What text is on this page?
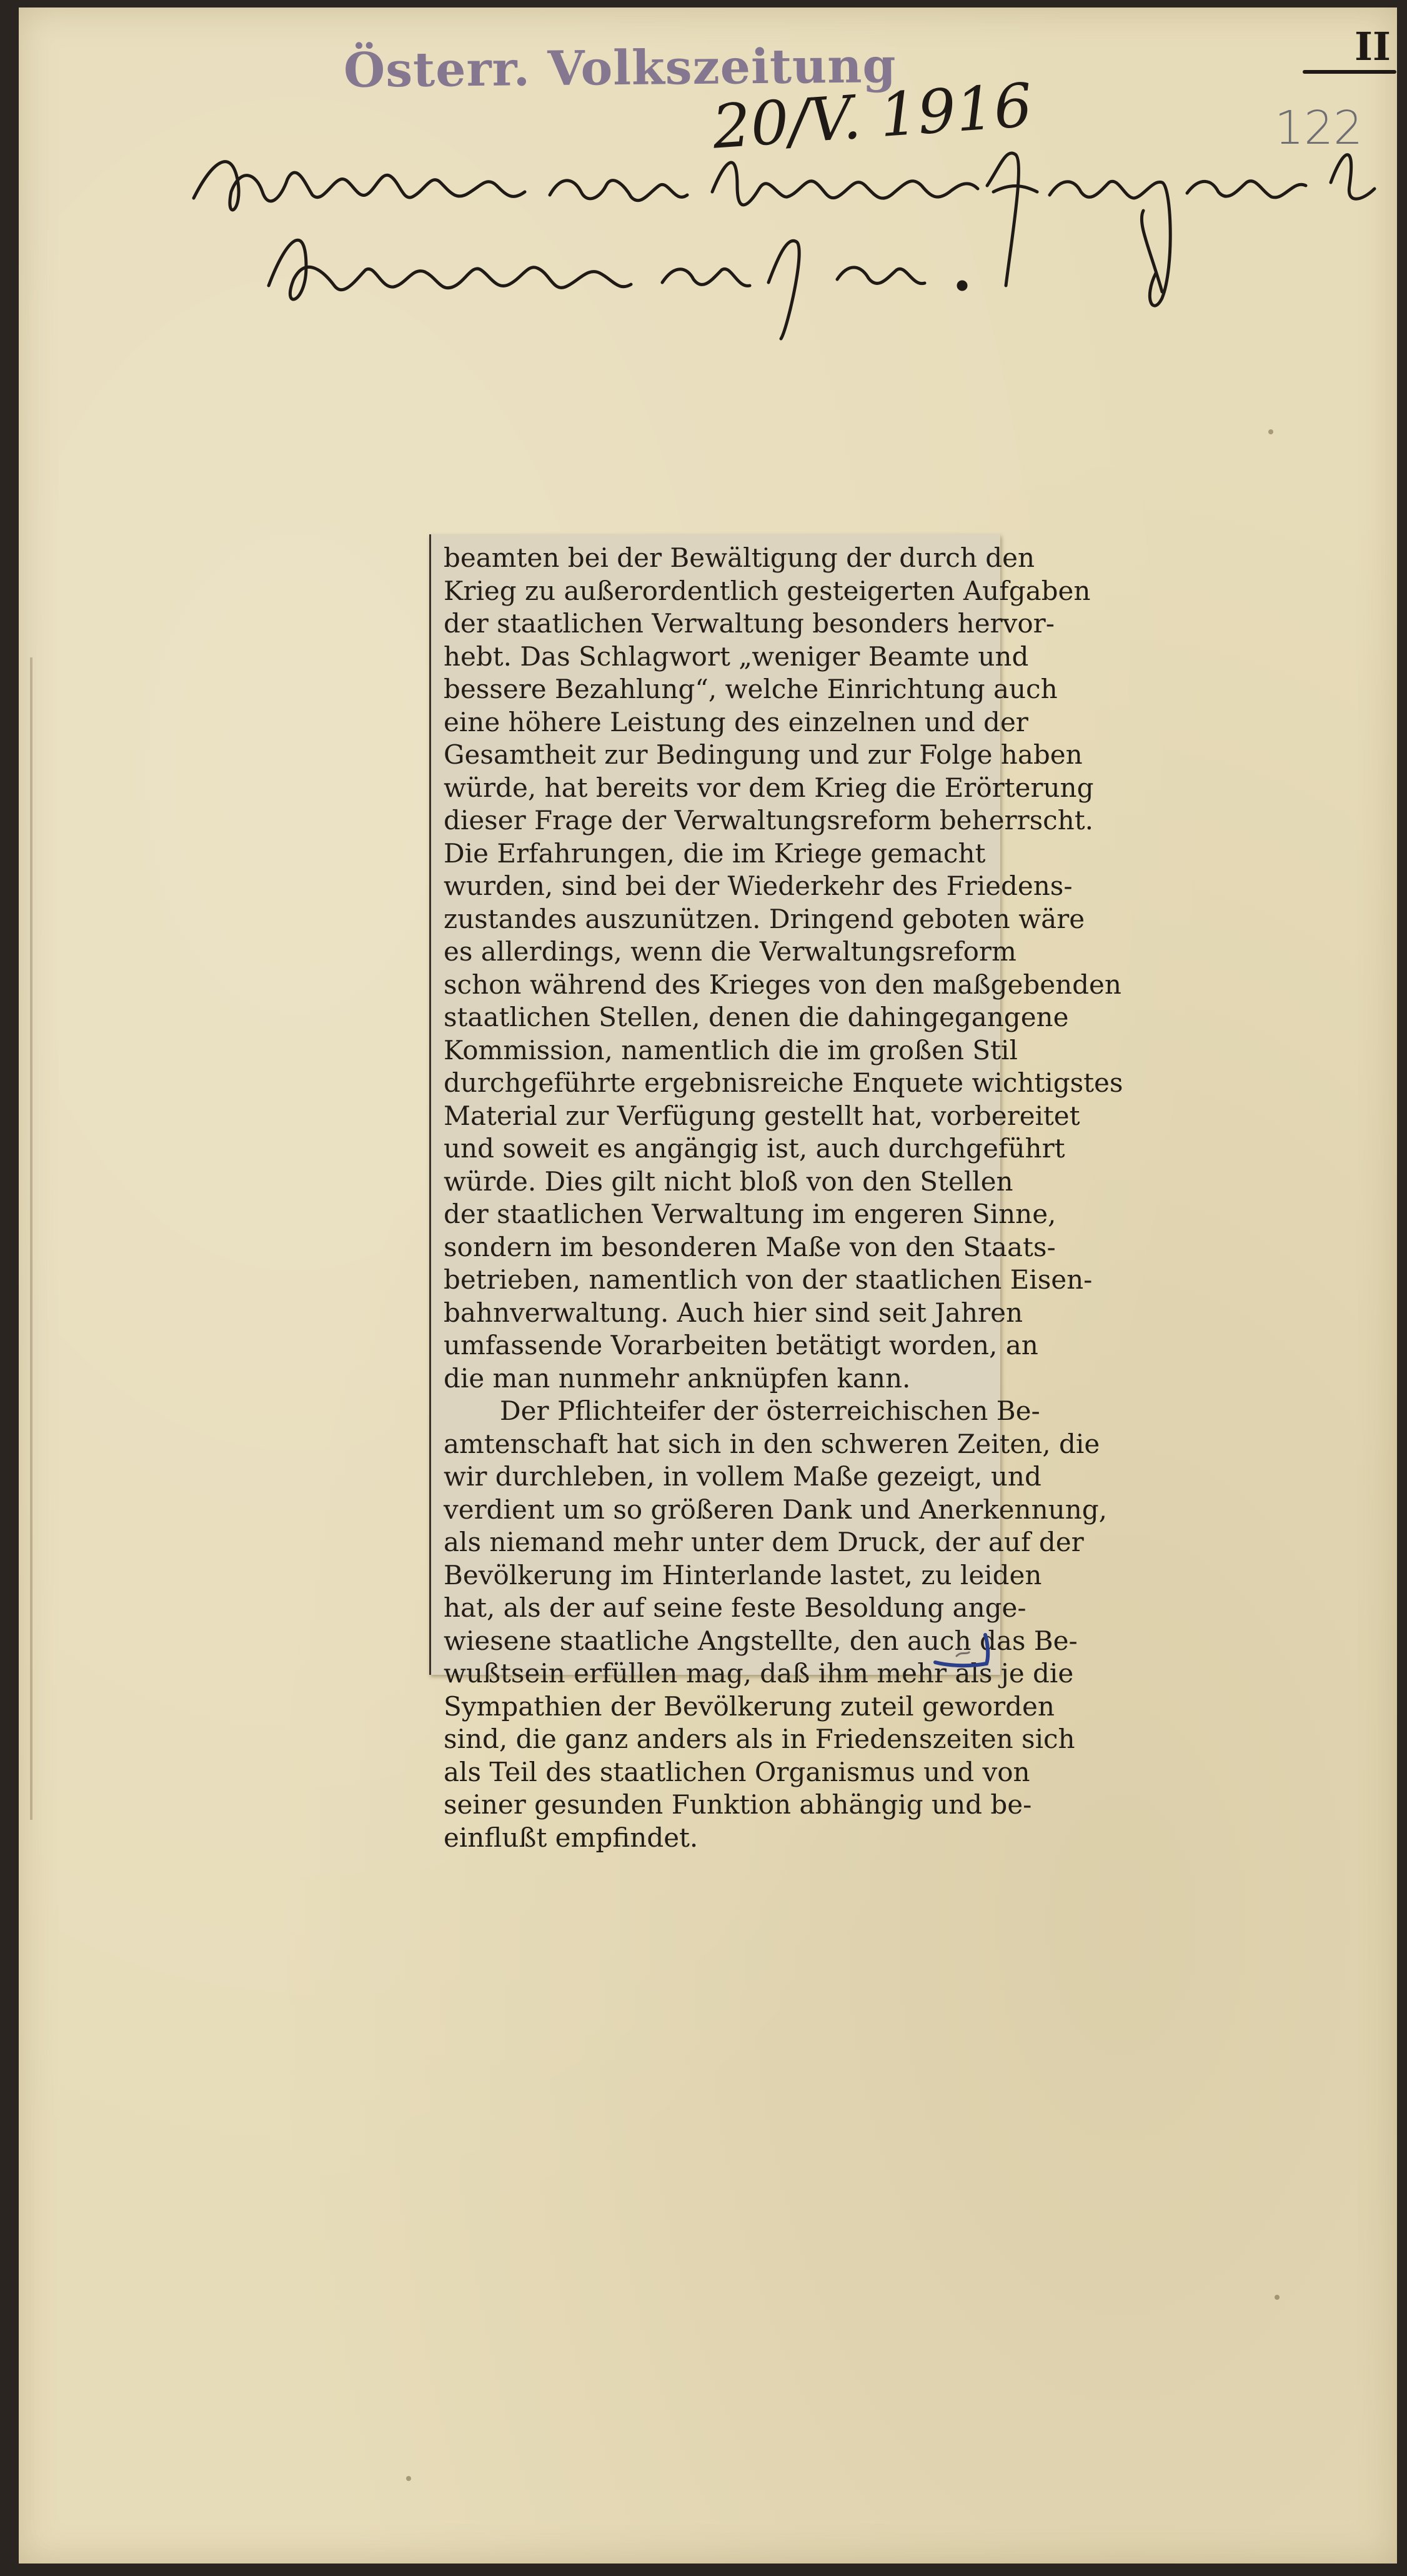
Österr. Volkszeitung	II
20/V. 1916	122
beamten bei der Bewältigung der durch den
Krieg zu außerordentlich gesteigerten Aufgaben
der staatlichen Verwaltung besonders hervor-
hebt. Das Schlagwort „weniger Beamte und
bessere Bezahlung“, welche Einrichtung auch
eine höhere Leistung des einzelnen und der
Gesamtheit zur Bedingung und zur Folge haben
würde, hat bereits vor dem Krieg die Erörterung
dieser Frage der Verwaltungsreform beherrscht.
Die Erfahrungen, die im Kriege gemacht
wurden, sind bei der Wiederkehr des Friedens-
zustandes auszunützen. Dringend geboten wäre
es allerdings, wenn die Verwaltungsreform
schon während des Krieges von den maßgebenden
staatlichen Stellen, denen die dahingegangene
Kommission, namentlich die im großen Stil
durchgeführte ergebnisreiche Enquete wichtigstes
Material zur Verfügung gestellt hat, vorbereitet
und soweit es angängig ist, auch durchgeführt
würde. Dies gilt nicht bloß von den Stellen
der staatlichen Verwaltung im engeren Sinne,
sondern im besonderen Maße von den Staats-
betrieben, namentlich von der staatlichen Eisen-
bahnverwaltung. Auch hier sind seit Jahren
umfassende Vorarbeiten betätigt worden, an
die man nunmehr anknüpfen kann.
Der Pflichteifer der österreichischen Be-
amtenschaft hat sich in den schweren Zeiten, die
wir durchleben, in vollem Maße gezeigt, und
verdient um so größeren Dank und Anerkennung,
als niemand mehr unter dem Druck, der auf der
Bevölkerung im Hinterlande lastet, zu leiden
hat, als der auf seine feste Besoldung ange-
wiesene staatliche Angstellte, den auch das Be-
wußtsein erfüllen mag, daß ihm mehr als je die
Sympathien der Bevölkerung zuteil geworden
sind, die ganz anders als in Friedenszeiten sich
als Teil des staatlichen Organismus und von
seiner gesunden Funktion abhängig und be-
einflußt empfindet.
